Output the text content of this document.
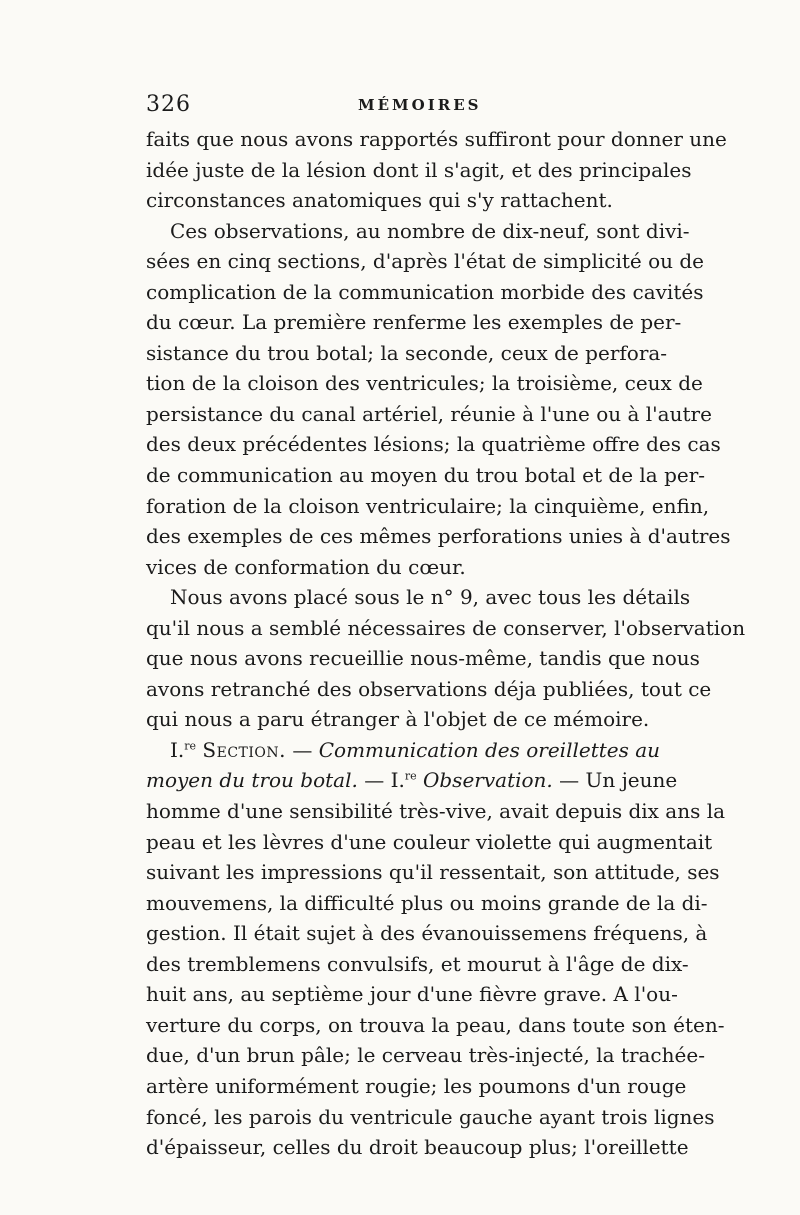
326	MÉMOIRES
faits que nous avons rapportés suffiront pour donner une
idée juste de la lésion dont il s'agit, et des principales
circonstances anatomiques qui s'y rattachent.
Ces observations, au nombre de dix-neuf, sont divi-
sées en cinq sections, d'après l'état de simplicité ou de
complication de la communication morbide des cavités
du cœur. La première renferme les exemples de per-
sistance du trou botal; la seconde, ceux de perfora-
tion de la cloison des ventricules; la troisième, ceux de
persistance du canal artériel, réunie à l'une ou à l'autre
des deux précédentes lésions; la quatrième offre des cas
de communication au moyen du trou botal et de la per-
foration de la cloison ventriculaire; la cinquième, enfin,
des exemples de ces mêmes perforations unies à d'autres
vices de conformation du cœur.
Nous avons placé sous le n° 9, avec tous les détails
qu'il nous a semblé nécessaires de conserver, l'observation
que nous avons recueillie nous-même, tandis que nous
avons retranché des observations déja publiées, tout ce
qui nous a paru étranger à l'objet de ce mémoire.
I.$^{re}$ Section. — Communication des oreillettes au
moyen du trou botal. — I.$^{re}$ Observation. — Un jeune
homme d'une sensibilité très-vive, avait depuis dix ans la
peau et les lèvres d'une couleur violette qui augmentait
suivant les impressions qu'il ressentait, son attitude, ses
mouvemens, la difficulté plus ou moins grande de la di-
gestion. Il était sujet à des évanouissemens fréquens, à
des tremblemens convulsifs, et mourut à l'âge de dix-
huit ans, au septième jour d'une fièvre grave. A l'ou-
verture du corps, on trouva la peau, dans toute son éten-
due, d'un brun pâle; le cerveau très-injecté, la trachée-
artère uniformément rougie; les poumons d'un rouge
foncé, les parois du ventricule gauche ayant trois lignes
d'épaisseur, celles du droit beaucoup plus; l'oreillette
